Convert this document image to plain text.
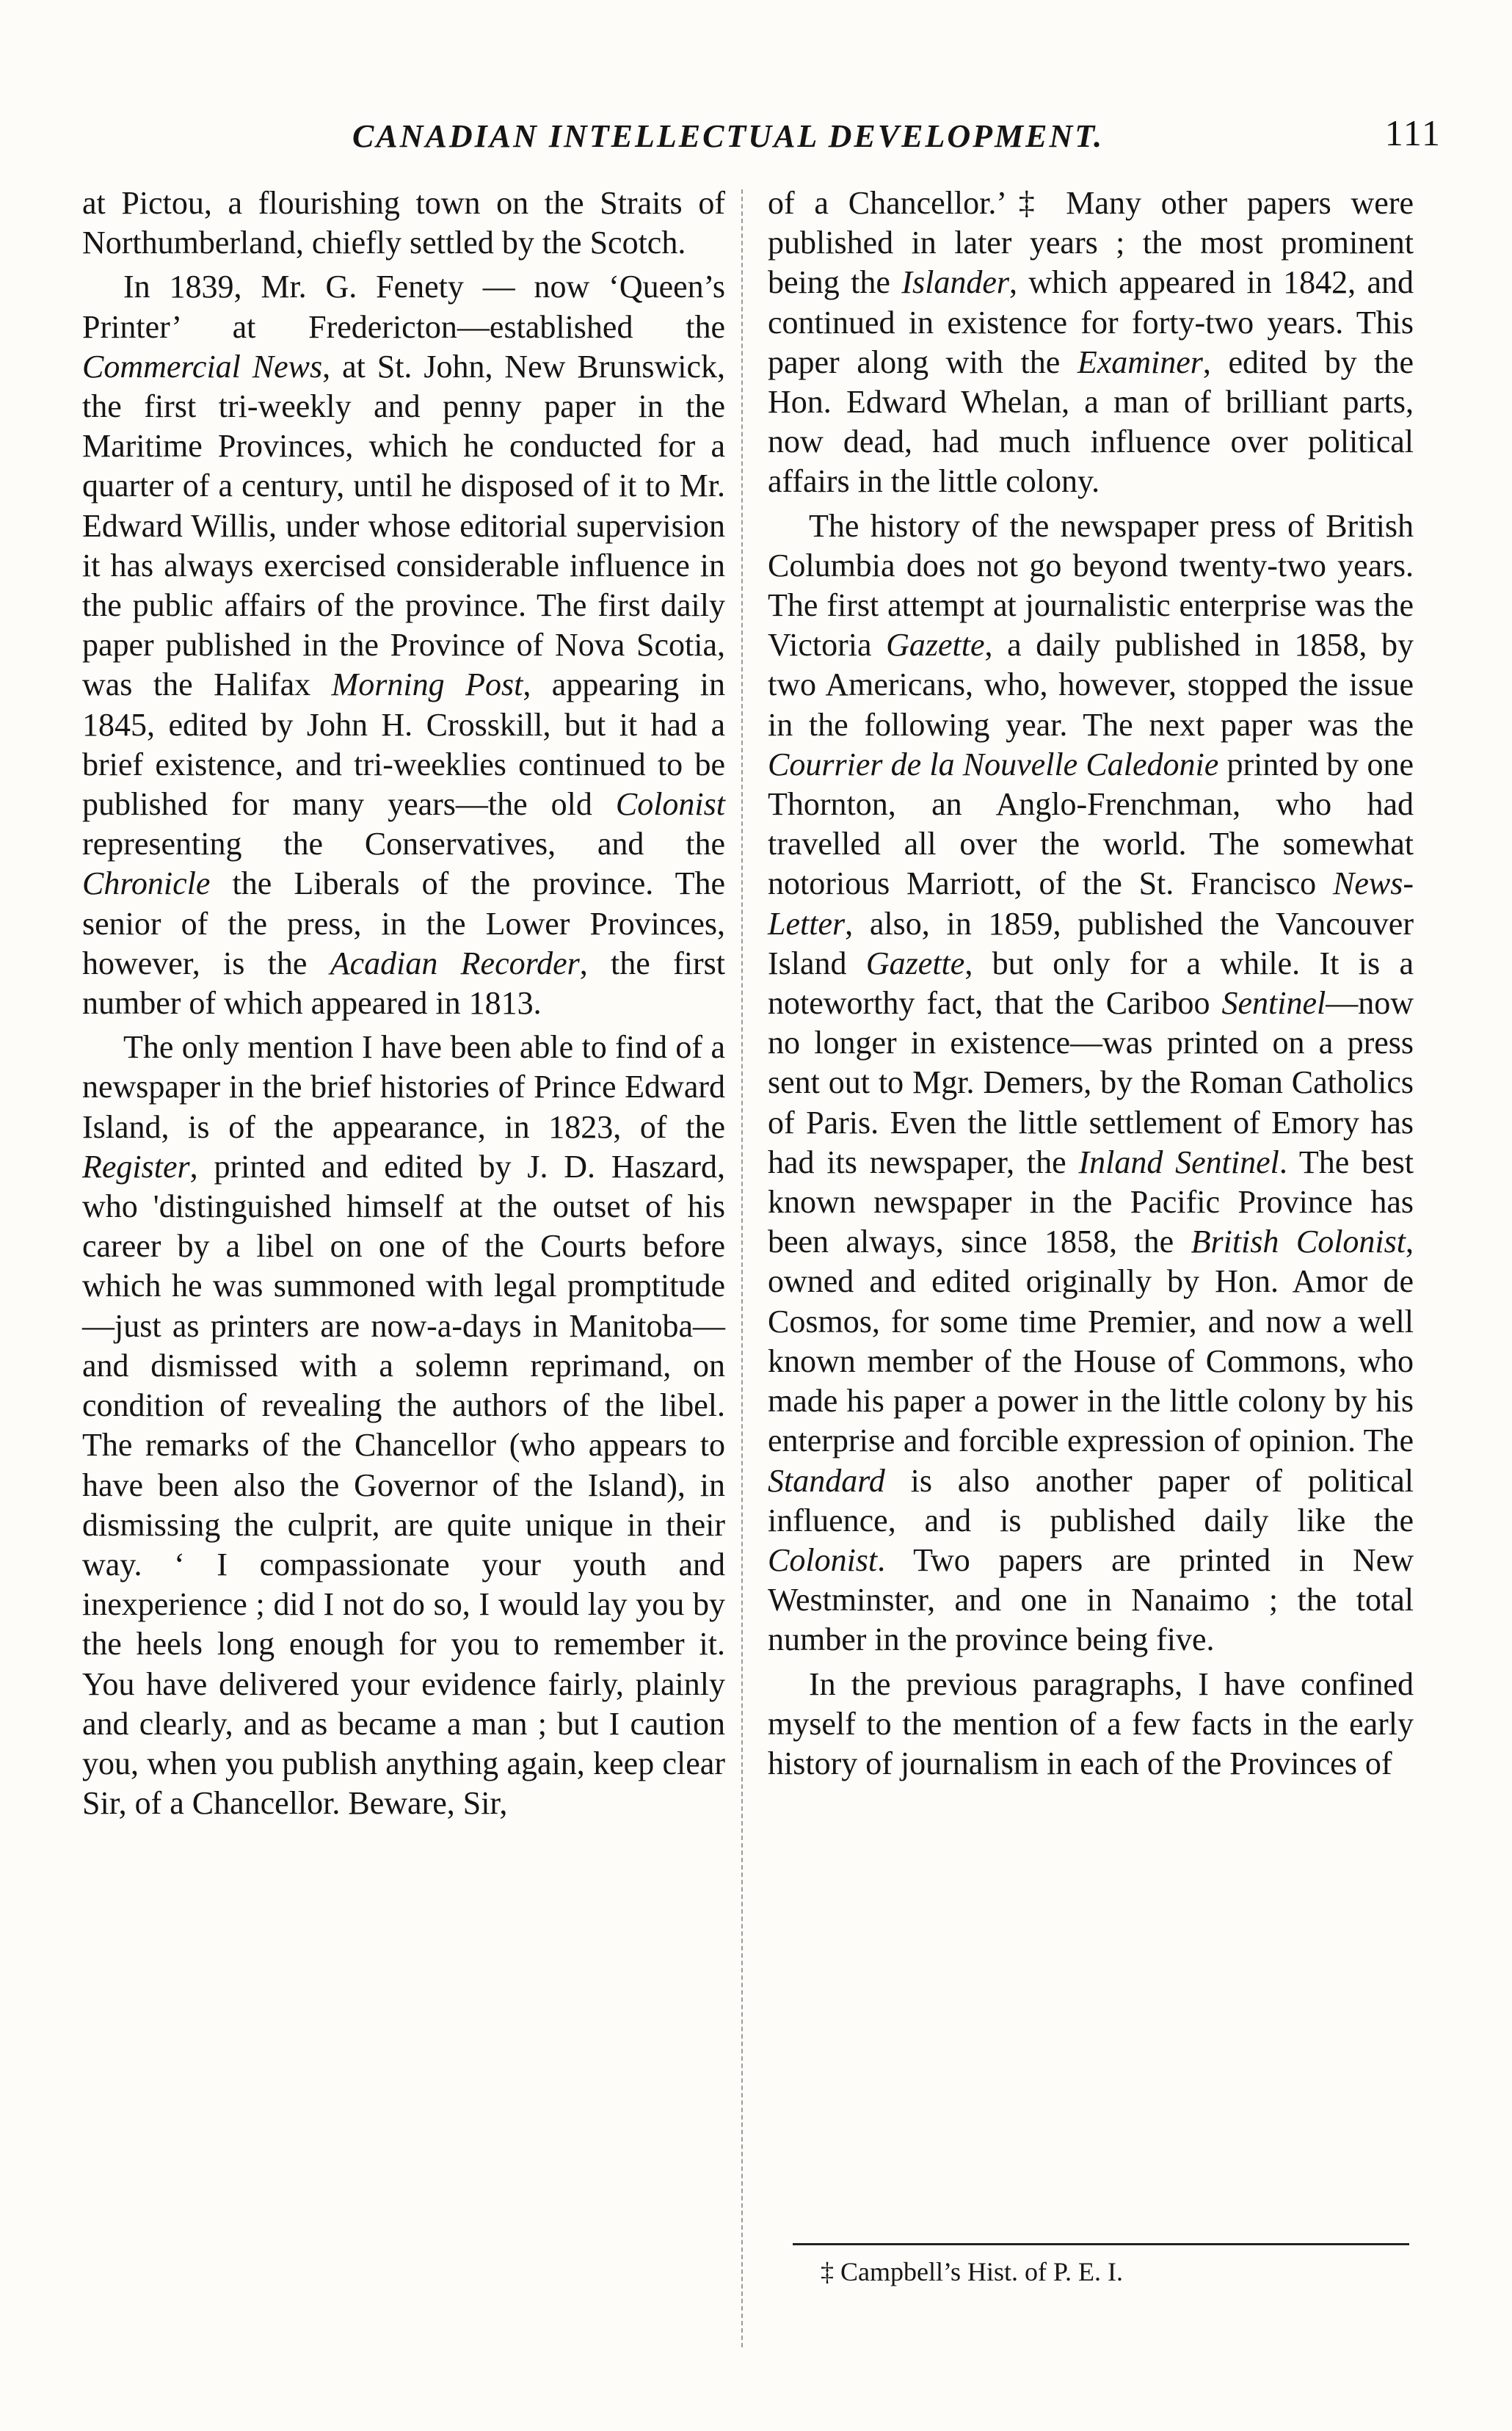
CANADIAN INTELLECTUAL DEVELOPMENT.	111

at Pictou, a flourishing town on the Straits of Northumberland, chiefly settled by the Scotch.

In 1839, Mr. G. Fenety — now ‘Queen’s Printer’ at Fredericton—established the Commercial News, at St. John, New Brunswick, the first tri-weekly and penny paper in the Maritime Provinces, which he conducted for a quarter of a century, until he disposed of it to Mr. Edward Willis, under whose editorial supervision it has always exercised considerable influence in the public affairs of the province. The first daily paper published in the Province of Nova Scotia, was the Halifax Morning Post, appearing in 1845, edited by John H. Crosskill, but it had a brief existence, and tri-weeklies continued to be published for many years—the old Colonist representing the Conservatives, and the Chronicle the Liberals of the province. The senior of the press, in the Lower Provinces, however, is the Acadian Recorder, the first number of which appeared in 1813.

The only mention I have been able to find of a newspaper in the brief histories of Prince Edward Island, is of the appearance, in 1823, of the Register, printed and edited by J. D. Haszard, who 'distinguished himself at the outset of his career by a libel on one of the Courts before which he was summoned with legal promptitude—just as printers are now-a-days in Manitoba—and dismissed with a solemn reprimand, on condition of revealing the authors of the libel. The remarks of the Chancellor (who appears to have been also the Governor of the Island), in dismissing the culprit, are quite unique in their way. ‘ I compassionate your youth and inexperience ; did I not do so, I would lay you by the heels long enough for you to remember it. You have delivered your evidence fairly, plainly and clearly, and as became a man ; but I caution you, when you publish anything again, keep clear Sir, of a Chancellor. Beware, Sir,

of a Chancellor.’‡ Many other papers were published in later years ; the most prominent being the Islander, which appeared in 1842, and continued in existence for forty-two years. This paper along with the Examiner, edited by the Hon. Edward Whelan, a man of brilliant parts, now dead, had much influence over political affairs in the little colony.

The history of the newspaper press of British Columbia does not go beyond twenty-two years. The first attempt at journalistic enterprise was the Victoria Gazette, a daily published in 1858, by two Americans, who, however, stopped the issue in the following year. The next paper was the Courrier de la Nouvelle Caledonie printed by one Thornton, an Anglo-Frenchman, who had travelled all over the world. The somewhat notorious Marriott, of the St. Francisco News-Letter, also, in 1859, published the Vancouver Island Gazette, but only for a while. It is a noteworthy fact, that the Cariboo Sentinel—now no longer in existence—was printed on a press sent out to Mgr. Demers, by the Roman Catholics of Paris. Even the little settlement of Emory has had its newspaper, the Inland Sentinel. The best known newspaper in the Pacific Province has been always, since 1858, the British Colonist, owned and edited originally by Hon. Amor de Cosmos, for some time Premier, and now a well known member of the House of Commons, who made his paper a power in the little colony by his enterprise and forcible expression of opinion. The Standard is also another paper of political influence, and is published daily like the Colonist. Two papers are printed in New Westminster, and one in Nanaimo ; the total number in the province being five.

In the previous paragraphs, I have confined myself to the mention of a few facts in the early history of journalism in each of the Provinces of

‡ Campbell’s Hist. of P. E. I.
